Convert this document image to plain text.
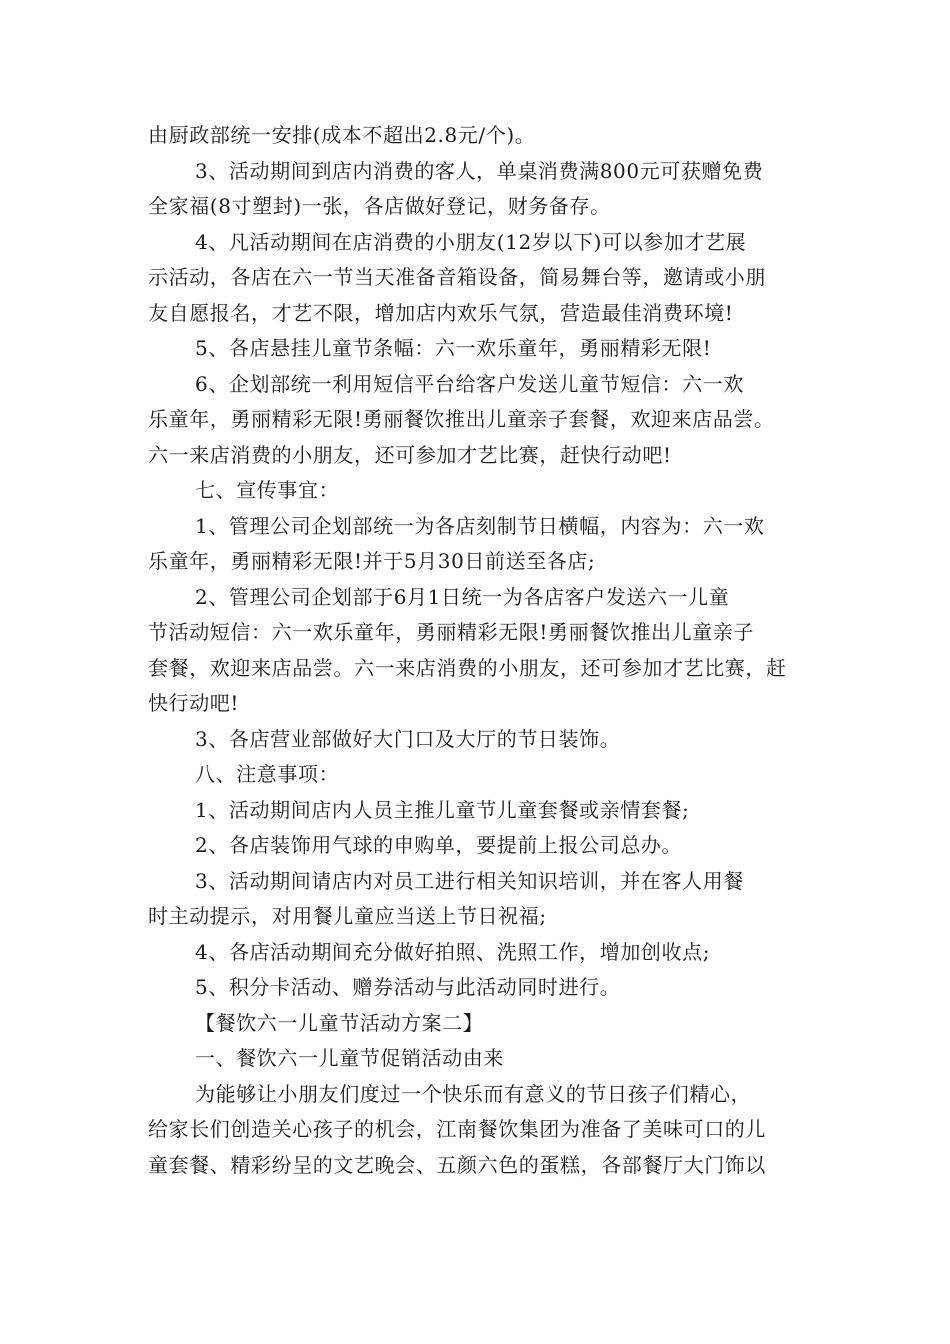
由厨政部统一安排(成本不超出2.8元/个)。
3、活动期间到店内消费的客人，单桌消费满800元可获赠免费
全家福(8寸塑封)一张，各店做好登记，财务备存。
4、凡活动期间在店消费的小朋友(12岁以下)可以参加才艺展
示活动，各店在六一节当天准备音箱设备，简易舞台等，邀请或小朋
友自愿报名，才艺不限，增加店内欢乐气氛，营造最佳消费环境!
5、各店悬挂儿童节条幅：六一欢乐童年，勇丽精彩无限!
6、企划部统一利用短信平台给客户发送儿童节短信：六一欢
乐童年，勇丽精彩无限!勇丽餐饮推出儿童亲子套餐，欢迎来店品尝。
六一来店消费的小朋友，还可参加才艺比赛，赶快行动吧!
七、宣传事宜：
1、管理公司企划部统一为各店刻制节日横幅，内容为：六一欢
乐童年，勇丽精彩无限!并于5月30日前送至各店;
2、管理公司企划部于6月1日统一为各店客户发送六一儿童
节活动短信：六一欢乐童年，勇丽精彩无限!勇丽餐饮推出儿童亲子
套餐，欢迎来店品尝。六一来店消费的小朋友，还可参加才艺比赛，赶
快行动吧!
3、各店营业部做好大门口及大厅的节日装饰。
八、注意事项：
1、活动期间店内人员主推儿童节儿童套餐或亲情套餐;
2、各店装饰用气球的申购单，要提前上报公司总办。
3、活动期间请店内对员工进行相关知识培训，并在客人用餐
时主动提示，对用餐儿童应当送上节日祝福;
4、各店活动期间充分做好拍照、洗照工作，增加创收点;
5、积分卡活动、赠券活动与此活动同时进行。
【餐饮六一儿童节活动方案二】
一、餐饮六一儿童节促销活动由来
为能够让小朋友们度过一个快乐而有意义的节日孩子们精心，
给家长们创造关心孩子的机会，江南餐饮集团为准备了美味可口的儿
童套餐、精彩纷呈的文艺晚会、五颜六色的蛋糕，各部餐厅大门饰以
